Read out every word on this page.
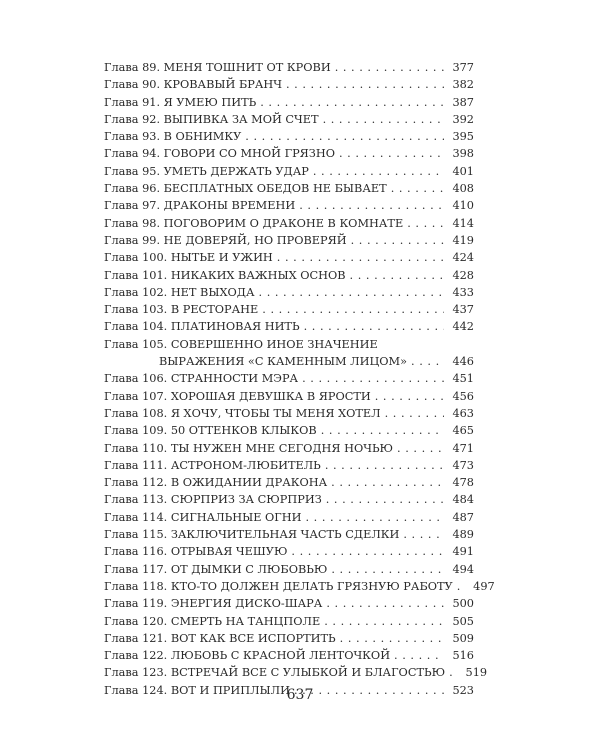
Глава 89. МЕНЯ ТОШНИТ ОТ КРОВИ . . .	377
Глава 90. КРОВАВЫЙ БРАНЧ . . .	382
Глава 91. Я УМЕЮ ПИТЬ . . .	387
Глава 92. ВЫПИВКА ЗА МОЙ СЧЕТ . . .	392
Глава 93. В ОБНИМКУ . . .	395
Глава 94. ГОВОРИ СО МНОЙ ГРЯЗНО . . .	398
Глава 95. УМЕТЬ ДЕРЖАТЬ УДАР . . .	401
Глава 96. БЕСПЛАТНЫХ ОБЕДОВ НЕ БЫВАЕТ . . .	408
Глава 97. ДРАКОНЫ ВРЕМЕНИ . . .	410
Глава 98. ПОГОВОРИМ О ДРАКОНЕ В КОМНАТЕ . . .	414
Глава 99. НЕ ДОВЕРЯЙ, НО ПРОВЕРЯЙ . . .	419
Глава 100. НЫТЬЕ И УЖИН . . .	424
Глава 101. НИКАКИХ ВАЖНЫХ ОСНОВ . . .	428
Глава 102. НЕТ ВЫХОДА . . .	433
Глава 103. В РЕСТОРАНЕ . . .	437
Глава 104. ПЛАТИНОВАЯ НИТЬ . . .	442
Глава 105. СОВЕРШЕННО ИНОЕ ЗНАЧЕНИЕ
ВЫРАЖЕНИЯ «С КАМЕННЫМ ЛИЦОМ» . . .	446
Глава 106. СТРАННОСТИ МЭРА . . .	451
Глава 107. ХОРОШАЯ ДЕВУШКА В ЯРОСТИ . . .	456
Глава 108. Я ХОЧУ, ЧТОБЫ ТЫ МЕНЯ ХОТЕЛ . . .	463
Глава 109. 50 ОТТЕНКОВ КЛЫКОВ . . .	465
Глава 110. ТЫ НУЖЕН МНЕ СЕГОДНЯ НОЧЬЮ . . .	471
Глава 111. АСТРОНОМ-ЛЮБИТЕЛЬ . . .	473
Глава 112. В ОЖИДАНИИ ДРАКОНА . . .	478
Глава 113. СЮРПРИЗ ЗА СЮРПРИЗ . . .	484
Глава 114. СИГНАЛЬНЫЕ ОГНИ . . .	487
Глава 115. ЗАКЛЮЧИТЕЛЬНАЯ ЧАСТЬ СДЕЛКИ . . .	489
Глава 116. ОТРЫВАЯ ЧЕШУЮ . . .	491
Глава 117. ОТ ДЫМКИ С ЛЮБОВЬЮ . . .	494
Глава 118. КТО-ТО ДОЛЖЕН ДЕЛАТЬ ГРЯЗНУЮ РАБОТУ . . .	497
Глава 119. ЭНЕРГИЯ ДИСКО-ШАРА . . .	500
Глава 120. СМЕРТЬ НА ТАНЦПОЛЕ . . .	505
Глава 121. ВОТ КАК ВСЕ ИСПОРТИТЬ . . .	509
Глава 122. ЛЮБОВЬ С КРАСНОЙ ЛЕНТОЧКОЙ . . .	516
Глава 123. ВСТРЕЧАЙ ВСЕ С УЛЫБКОЙ И БЛАГОСТЬЮ . . .	519
Глава 124. ВОТ И ПРИПЛЫЛИ . . .	523
637
